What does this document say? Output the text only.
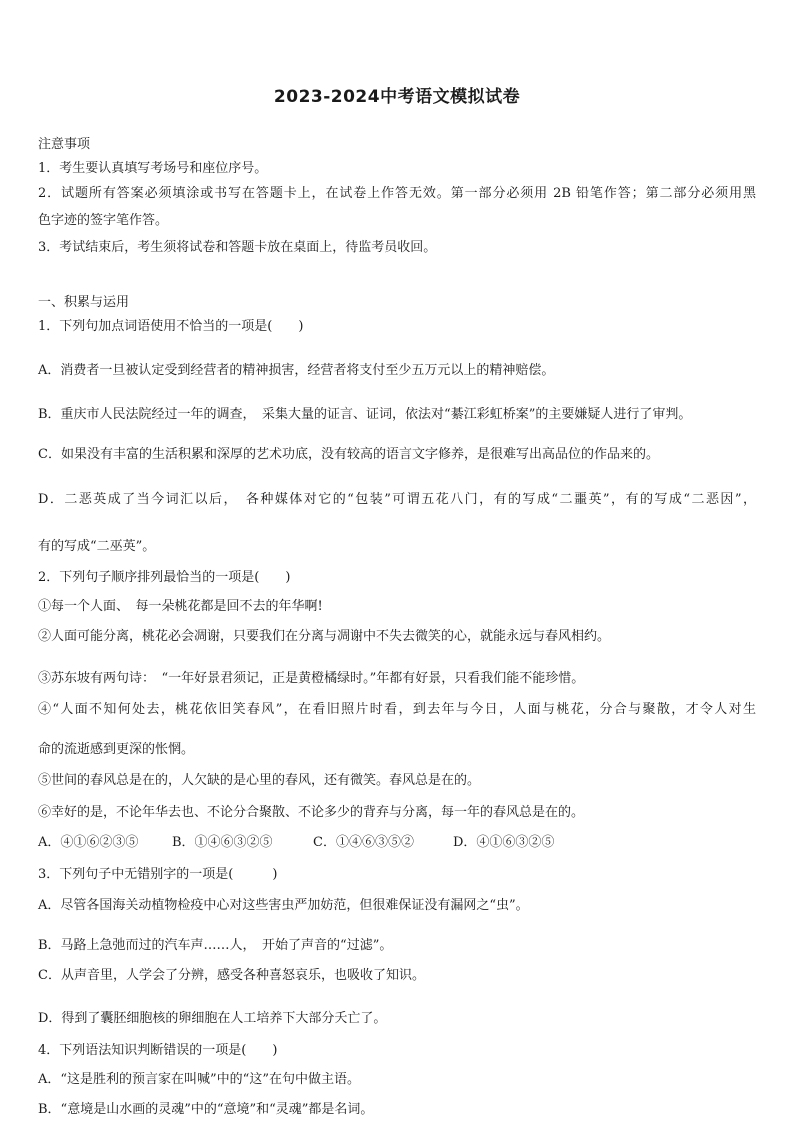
2023-2024中考语文模拟试卷
注意事项
1．考生要认真填写考场号和座位序号。
2．试题所有答案必须填涂或书写在答题卡上，在试卷上作答无效。第一部分必须用 2B 铅笔作答；第二部分必须用黑
色字迹的签字笔作答。
3．考试结束后，考生须将试卷和答题卡放在桌面上，待监考员收回。
一、积累与运用
1．下列句加点词语使用不恰当的一项是(　　)
A．消费者一旦被认定受到经营者的精神损害，经营者将支付至少五万元以上的精神赔偿。
B．重庆市人民法院经过一年的调查，　采集大量的证言、证词，依法对“綦江彩虹桥案”的主要嫌疑人进行了审判。
C．如果没有丰富的生活积累和深厚的艺术功底，没有较高的语言文字修养，是很难写出高品位的作品来的。
D．二恶英成了当今词汇以后，　各种媒体对它的“包装”可谓五花八门，有的写成“二噩英”，有的写成“二恶因”，
有的写成“二巫英”。
2．下列句子顺序排列最恰当的一项是(　　)
①每一个人面、　每一朵桃花都是回不去的年华啊!
②人面可能分离，桃花必会凋谢，只要我们在分离与凋谢中不失去微笑的心，就能永远与春风相约。
③苏东坡有两句诗：　“一年好景君须记，正是黄橙橘绿时。”年都有好景，只看我们能不能珍惜。
④“人面不知何处去，桃花依旧笑春风”，在看旧照片时看，到去年与今日，人面与桃花，分合与聚散，才令人对生
命的流逝感到更深的怅惘。
⑤世间的春风总是在的，人欠缺的是心里的春风，还有微笑。春风总是在的。
⑥幸好的是，不论年华去也、不论分合聚散、不论多少的背弃与分离，每一年的春风总是在的。
A．④①⑥②③⑤	B．①④⑥③②⑤	C．①④⑥③⑤②	D．④①⑥③②⑤
3．下列句子中无错别字的一项是(　　　)
A．尽管各国海关动植物检疫中心对这些害虫严加妨范，但很难保证没有漏网之“虫”。
B．马路上急弛而过的汽车声……人，　开始了声音的“过滤”。
C．从声音里，人学会了分辨，感受各种喜怒哀乐，也吸收了知识。
D．得到了囊胚细胞核的卵细胞在人工培养下大部分夭亡了。
4．下列语法知识判断错误的一项是(　　)
A．“这是胜利的预言家在叫喊”中的“这”在句中做主语。
B．“意境是山水画的灵魂”中的“意境”和“灵魂”都是名词。
